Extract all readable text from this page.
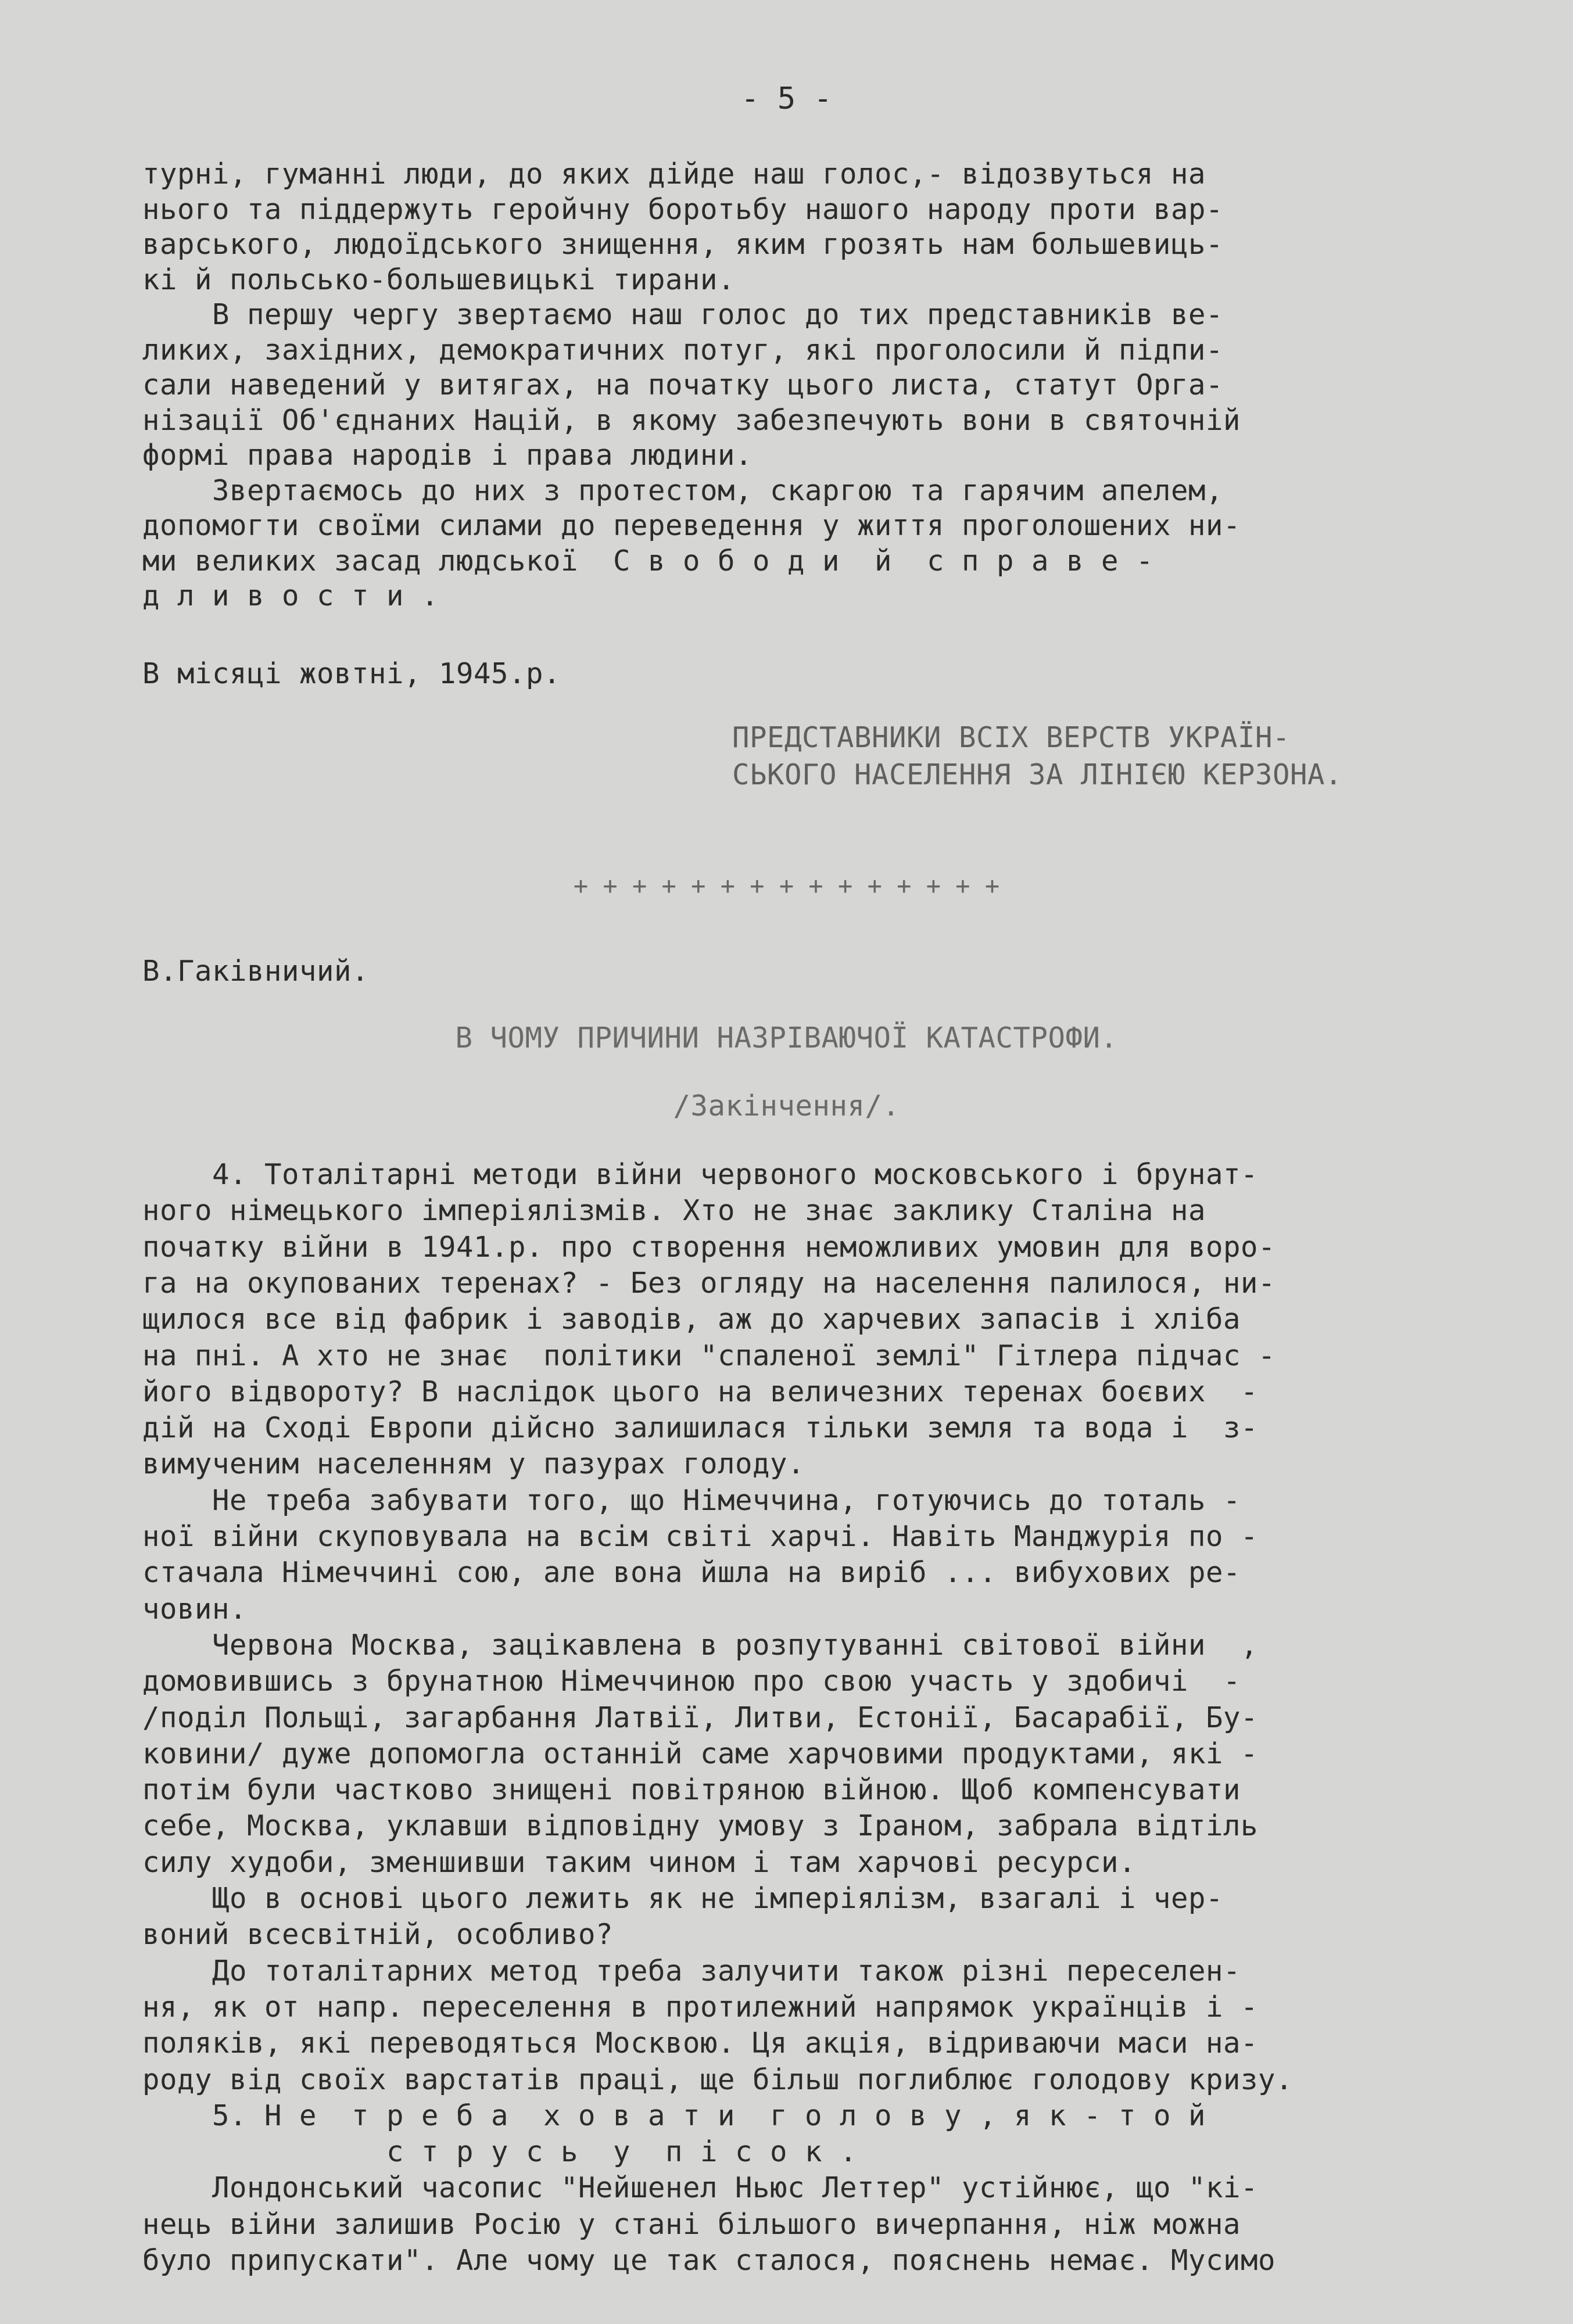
- 5 -
турні, гуманні люди, до яких дійде наш голос,- відозвуться на
нього та піддержуть геройчну боротьбу нашого народу проти вар-
варського, людоїдського знищення, яким грозять нам большевиць-
кі й польсько-большевицькі тирани.
В першу чергу звертаємо наш голос до тих представників ве-
ликих, західних, демократичних потуг, які проголосили й підпи-
сали наведений у витягах, на початку цього листа, статут Орга-
нізації Об'єднаних Націй, в якому забезпечують вони в святочній
формі права народів і права людини.
Звертаємось до них з протестом, скаргою та гарячим апелем,
допомогти своїми силами до переведення у життя проголошених ни-
ми великих засад людської  С в о б о д и  й  с п р а в е -
д л и в о с т и .
В місяці жовтні, 1945.р.
ПРЕДСТАВНИКИ ВСІХ ВЕРСТВ УКРАЇН-
СЬКОГО НАСЕЛЕННЯ ЗА ЛІНІЄЮ КЕРЗОНА.
+ + + + + + + + + + + + + + +
В.Гаківничий.
В ЧОМУ ПРИЧИНИ НАЗРІВАЮЧОЇ КАТАСТРОФИ.
/Закінчення/.
4. Тоталітарні методи війни червоного московського і брунат-
ного німецького імперіялізмів. Хто не знає заклику Сталіна на
початку війни в 1941.р. про створення неможливих умовин для воро-
га на окупованих теренах? - Без огляду на населення палилося, ни-
щилося все від фабрик і заводів, аж до харчевих запасів і хліба
на пні. А хто не знає  політики "спаленої землі" Гітлера підчас -
його відвороту? В наслідок цього на величезних теренах боєвих  -
дій на Сході Европи дійсно залишилася тільки земля та вода і  з-
вимученим населенням у пазурах голоду.
Не треба забувати того, що Німеччина, готуючись до тоталь -
ної війни скуповувала на всім світі харчі. Навіть Манджурія по -
стачала Німеччині сою, але вона йшла на виріб ... вибухових ре-
човин.
Червона Москва, зацікавлена в розпутуванні світової війни  ,
домовившись з брунатною Німеччиною про свою участь у здобичі  -
/поділ Польщі, загарбання Латвії, Литви, Естонії, Басарабії, Бу-
ковини/ дуже допомогла останній саме харчовими продуктами, які -
потім були частково знищені повітряною війною. Щоб компенсувати
себе, Москва, уклавши відповідну умову з Іраном, забрала відтіль
силу худоби, зменшивши таким чином і там харчові ресурси.
Що в основі цього лежить як не імперіялізм, взагалі і чер-
воний всесвітній, особливо?
До тоталітарних метод треба залучити також різні переселен-
ня, як от напр. переселення в протилежний напрямок українців і -
поляків, які переводяться Москвою. Ця акція, відриваючи маси на-
роду від своїх варстатів праці, ще більш поглиблює голодову кризу.
5. Н е  т р е б а  х о в а т и  г о л о в у , я к - т о й
с т р у с ь  у  п і с о к .
Лондонський часопис "Нейшенел Ньюс Леттер" устійнює, що "кі-
нець війни залишив Росію у стані більшого вичерпання, ніж можна
було припускати". Але чому це так сталося, пояснень немає. Мусимо
